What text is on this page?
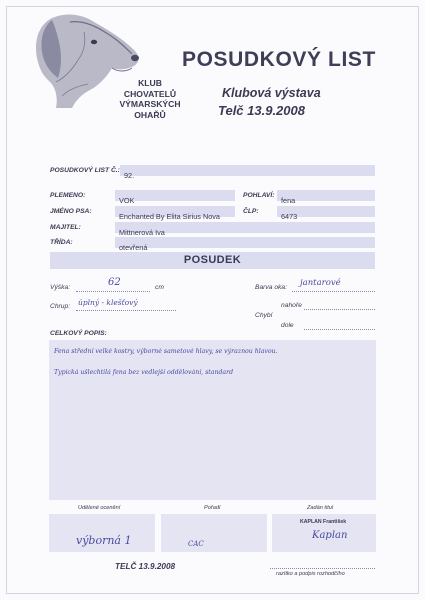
KLUB
CHOVATELŮ
VÝMARSKÝCH
OHAŘŮ
POSUDKOVÝ LIST
Klubová výstava
Telč 13.9.2008
POSUDKOVÝ LIST Č.:
92.
PLEMENO:
VOK
POHLAVÍ:
fena
JMÉNO PSA:
Enchanted By Elita Sirius Nova
ČLP:
6473
MAJITEL:
Mittnerová Iva
TŘÍDA:
otevřená
POSUDEK
Výška:	62	cm	Barva oka: jantarové
Chrup: úplný - klešťový	nahoře
Chybí
dole
CELKOVÝ POPIS:
Fena střední velké kostry, výborné sametové hlavy, se výraznou hlavou.
Typická ušlechtilá fena bez vedlejší oddělování, standard
Udělené ocenění	Pořadí	Zadán titul
výborná 1	CAC
KAPLAN František
Kaplan
TELČ 13.9.2008
razítko a podpis rozhodčího
